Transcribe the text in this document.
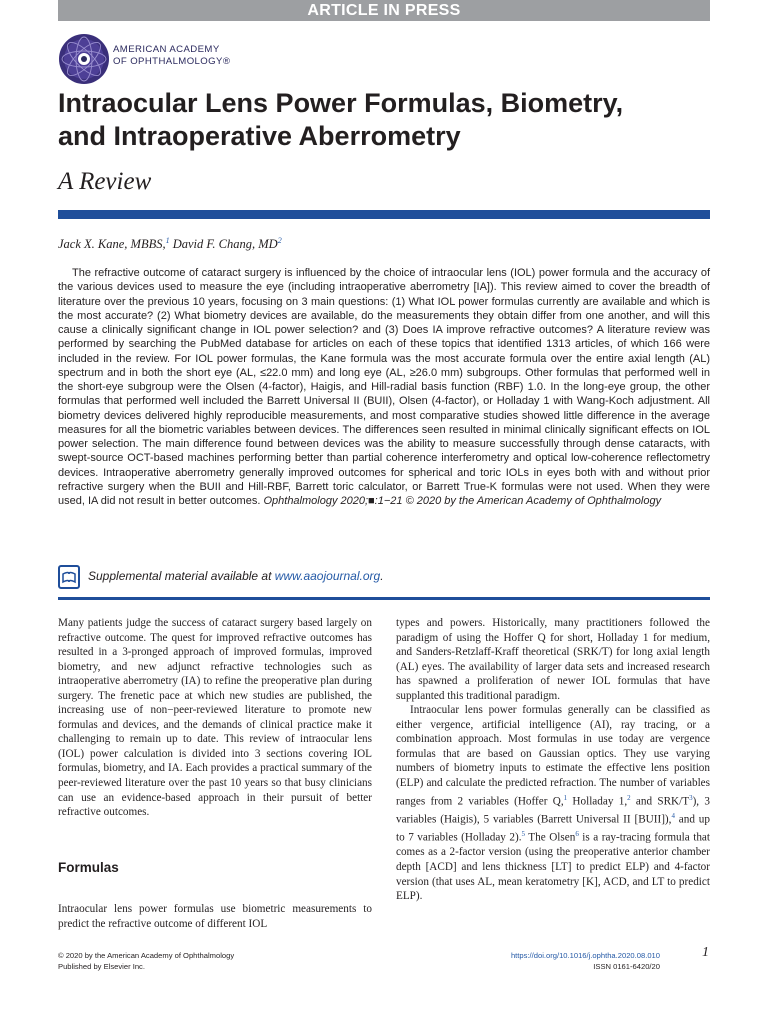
ARTICLE IN PRESS
AMERICAN ACADEMY
OF OPHTHALMOLOGY®
Intraocular Lens Power Formulas, Biometry,
and Intraoperative Aberrometry
A Review
Jack X. Kane, MBBS,$^1$ David F. Chang, $MD^2$

The refractive outcome of cataract surgery is influenced by the choice of intraocular lens (IOL) power formula and the accuracy of the various devices used to measure the eye (including intraoperative aberrometry [IA]). This review aimed to cover the breadth of literature over the previous 10 years, focusing on 3 main questions: (1) What IOL power formulas currently are available and which is the most accurate? (2) What biometry devices are available, do the measurements they obtain differ from one another, and will this cause a clinically significant change in IOL power selection? and (3) Does IA improve refractive outcomes? A literature review was performed by searching the PubMed database for articles on each of these topics that identified 1313 articles, of which 166 were included in the review. For IOL power formulas, the Kane formula was the most accurate formula over the entire axial length (AL) spectrum and in both the short eye (AL, ≤22.0 mm) and long eye (AL, ≥26.0 mm) subgroups. Other formulas that performed well in the short-eye subgroup were the Olsen (4-factor), Haigis, and Hill-radial basis function (RBF) 1.0. In the long-eye group, the other formulas that performed well included the Barrett Universal II (BUII), Olsen (4-factor), or Holladay 1 with Wang-Koch adjustment. All biometry devices delivered highly reproducible measurements, and most comparative studies showed little difference in the average measures for all the biometric variables between devices. The differences seen resulted in minimal clinically significant effects on IOL power selection. The main difference found between devices was the ability to measure successfully through dense cataracts, with swept-source OCT-based machines performing better than partial coherence interferometry and optical low-coherence reflectometry devices. Intraoperative aberrometry generally improved outcomes for spherical and toric IOLs in eyes both with and without prior refractive surgery when the BUII and Hill-RBF, Barrett toric calculator, or Barrett True-K formulas were not used. When they were used, IA did not result in better outcomes. Ophthalmology 2020;■:1−21 © 2020 by the American Academy of Ophthalmology

Supplemental material available at www.aaojournal.org.

Many patients judge the success of cataract surgery based largely on refractive outcome. The quest for improved refractive outcomes has resulted in a 3-pronged approach of improved formulas, improved biometry, and new adjunct refractive technologies such as intraoperative aberrometry (IA) to refine the preoperative plan during surgery. The frenetic pace at which new studies are published, the increasing use of non−peer-reviewed literature to promote new formulas and devices, and the demands of clinical practice make it challenging to remain up to date. This review of intraocular lens (IOL) power calculation is divided into 3 sections covering IOL formulas, biometry, and IA. Each provides a practical summary of the peer-reviewed literature over the past 10 years so that busy clinicians can use an evidence-based approach in their pursuit of better refractive outcomes.

Formulas

Intraocular lens power formulas use biometric measurements to predict the refractive outcome of different IOL

types and powers. Historically, many practitioners followed the paradigm of using the Hoffer Q for short, Holladay 1 for medium, and Sanders-Retzlaff-Kraff theoretical (SRK/T) for long axial length (AL) eyes. The availability of larger data sets and increased research has spawned a proliferation of newer IOL formulas that have supplanted this traditional paradigm.

Intraocular lens power formulas generally can be classified as either vergence, artificial intelligence (AI), ray tracing, or a combination approach. Most formulas in use today are vergence formulas that are based on Gaussian optics. They use varying numbers of biometry inputs to estimate the effective lens position (ELP) and calculate the predicted refraction. The number of variables ranges from 2 variables (Hoffer Q,$^1$ Holladay 1,$^2$ and SRK/T$^3$), 3 variables (Haigis), 5 variables (Barrett Universal II [BUII]),$^4$ and up to 7 variables (Holladay 2).$^5$ The Olsen$^6$ is a ray-tracing formula that comes as a 2-factor version (using the preoperative anterior chamber depth [ACD] and lens thickness [LT] to predict ELP) and 4-factor version (that uses AL, mean keratometry [K], ACD, and LT to predict ELP).

© 2020 by the American Academy of Ophthalmology
Published by Elsevier Inc.
https://doi.org/10.1016/j.ophtha.2020.08.010
ISSN 0161-6420/20
1
